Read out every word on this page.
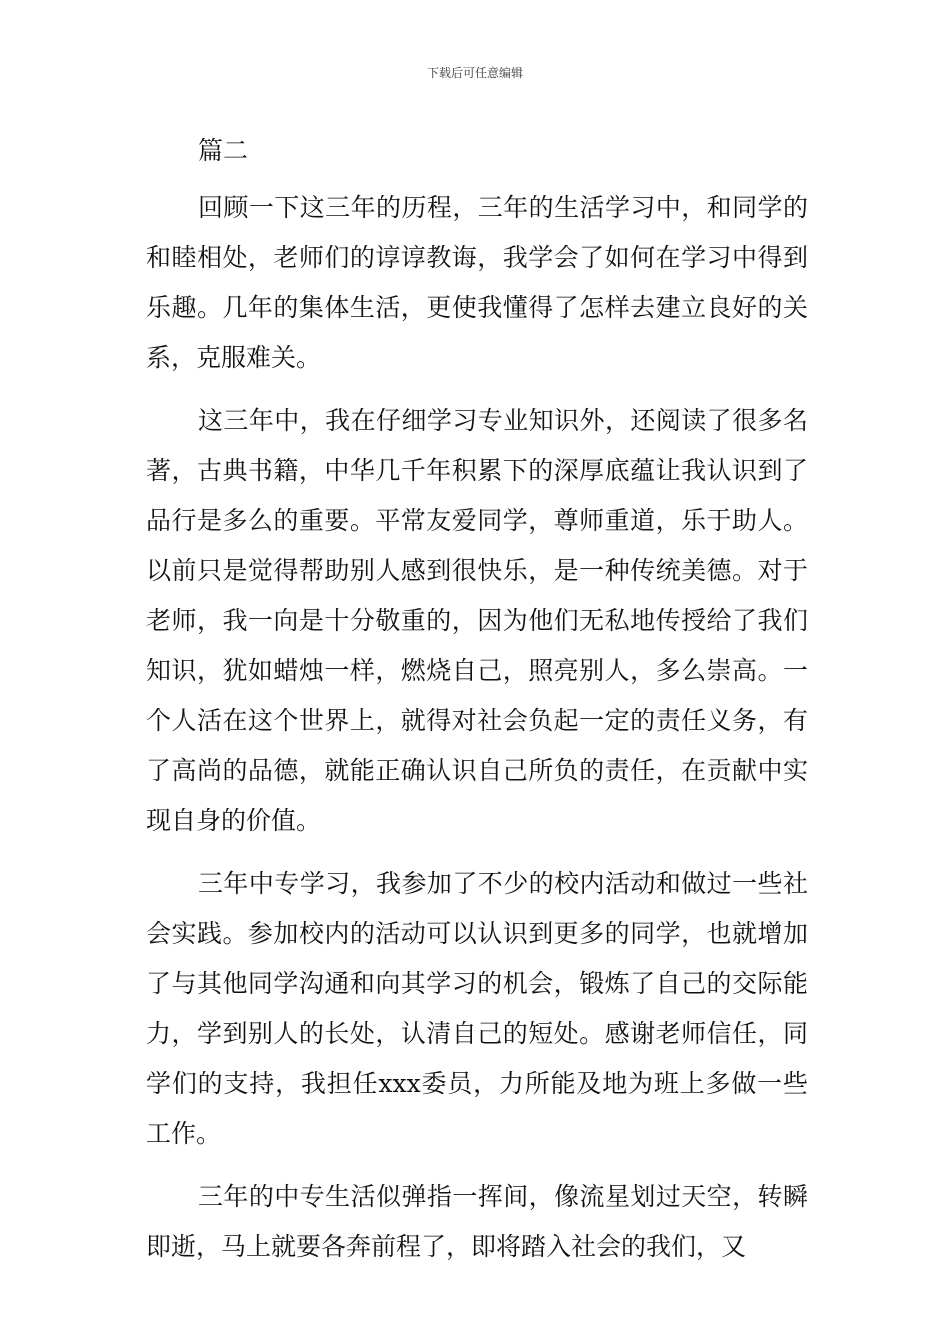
下载后可任意编辑
篇二

回顾一下这三年的历程，三年的生活学习中，和同学的和睦相处，老师们的谆谆教诲，我学会了如何在学习中得到乐趣。几年的集体生活，更使我懂得了怎样去建立良好的关系，克服难关。

这三年中，我在仔细学习专业知识外，还阅读了很多名著，古典书籍，中华几千年积累下的深厚底蕴让我认识到了品行是多么的重要。平常友爱同学，尊师重道，乐于助人。以前只是觉得帮助别人感到很快乐，是一种传统美德。对于老师，我一向是十分敬重的，因为他们无私地传授给了我们知识，犹如蜡烛一样，燃烧自己，照亮别人，多么崇高。一个人活在这个世界上，就得对社会负起一定的责任义务，有了高尚的品德，就能正确认识自己所负的责任，在贡献中实现自身的价值。

三年中专学习，我参加了不少的校内活动和做过一些社会实践。参加校内的活动可以认识到更多的同学，也就增加了与其他同学沟通和向其学习的机会，锻炼了自己的交际能力，学到别人的长处，认清自己的短处。感谢老师信任，同学们的支持，我担任xxx委员，力所能及地为班上多做一些工作。

三年的中专生活似弹指一挥间，像流星划过天空，转瞬即逝，马上就要各奔前程了，即将踏入社会的我们，又
